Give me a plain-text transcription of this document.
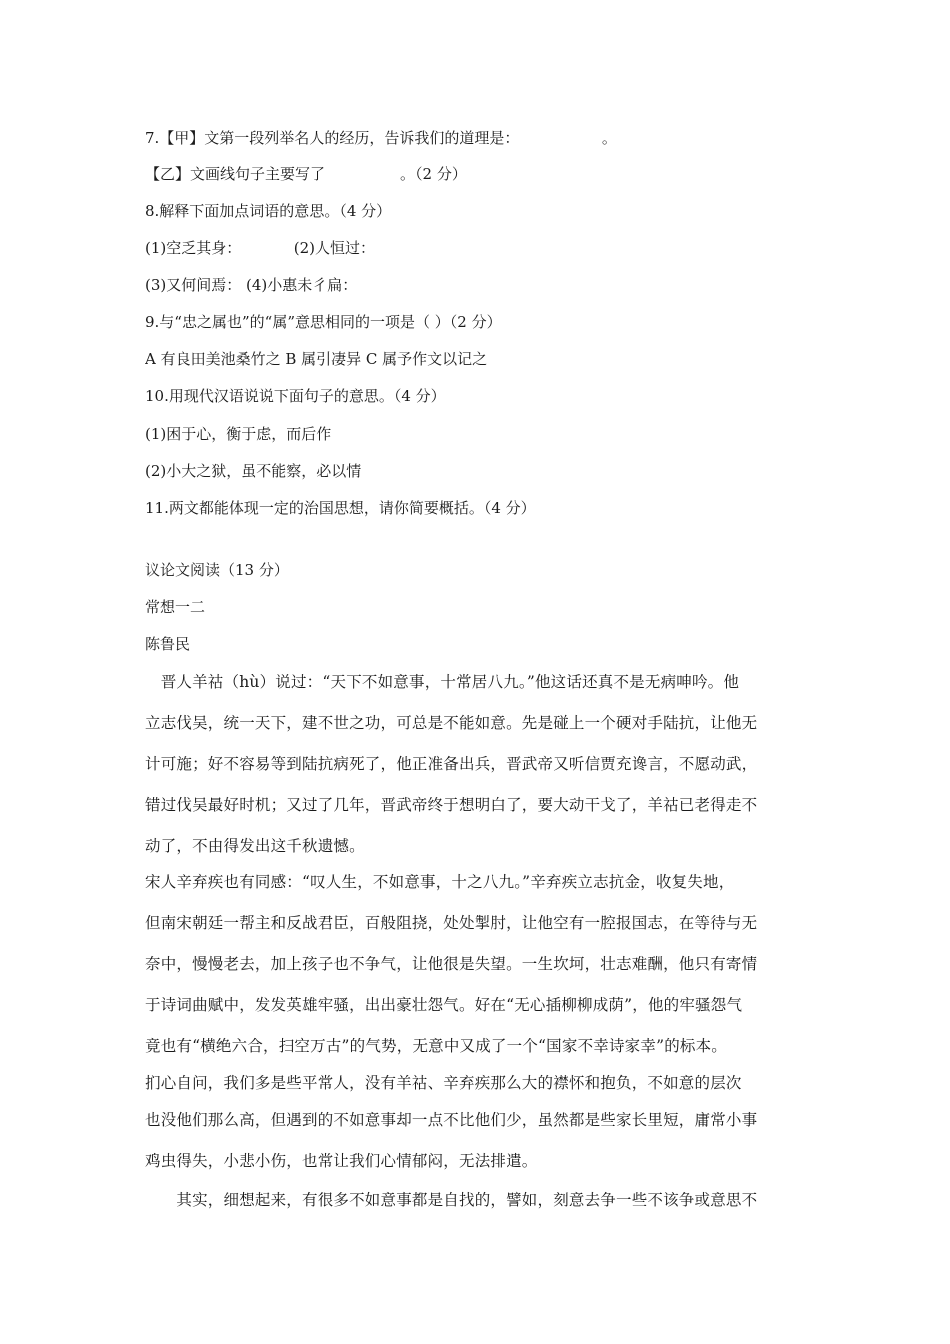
7.【甲】文第一段列举名人的经历，告诉我们的道理是：　　　　　　。
【乙】文画线句子主要写了　　　　　。（2 分）
8.解释下面加点词语的意思。（4 分）
(1)空乏其身：　　　　(2)人恒过：
(3)又何间焉： (4)小惠未彳扁：
9.与“忠之属也”的“属”意思相同的一项是（ ）（2 分）
A 有良田美池桑竹之 B 属引凄异 C 属予作文以记之
10.用现代汉语说说下面句子的意思。（4 分）
(1)困于心，衡于虑，而后作
(2)小大之狱，虽不能察，必以情
11.两文都能体现一定的治国思想，请你简要概括。（4 分）
议论文阅读（13 分）
常想一二
陈鲁民
　晋人羊祜（hù）说过：“天下不如意事，十常居八九。”他这话还真不是无病呻吟。他
立志伐吴，统一天下，建不世之功，可总是不能如意。先是碰上一个硬对手陆抗，让他无
计可施；好不容易等到陆抗病死了，他正准备出兵，晋武帝又听信贾充谗言，不愿动武，
错过伐吴最好时机；又过了几年，晋武帝终于想明白了，要大动干戈了，羊祜已老得走不
动了，不由得发出这千秋遗憾。
宋人辛弃疾也有同感：“叹人生，不如意事，十之八九。”辛弃疾立志抗金，收复失地，
但南宋朝廷一帮主和反战君臣，百般阻挠，处处掣肘，让他空有一腔报国志，在等待与无
奈中，慢慢老去，加上孩子也不争气，让他很是失望。一生坎坷，壮志难酬，他只有寄情
于诗词曲赋中，发发英雄牢骚，出出豪壮怨气。好在“无心插柳柳成荫”，他的牢骚怨气
竟也有“横绝六合，扫空万古”的气势，无意中又成了一个“国家不幸诗家幸”的标本。
扪心自问，我们多是些平常人，没有羊祜、辛弃疾那么大的襟怀和抱负，不如意的层次
也没他们那么高，但遇到的不如意事却一点不比他们少，虽然都是些家长里短，庸常小事
鸡虫得失，小悲小伤，也常让我们心情郁闷，无法排遣。
　　其实，细想起来，有很多不如意事都是自找的，譬如，刻意去争一些不该争或意思不
